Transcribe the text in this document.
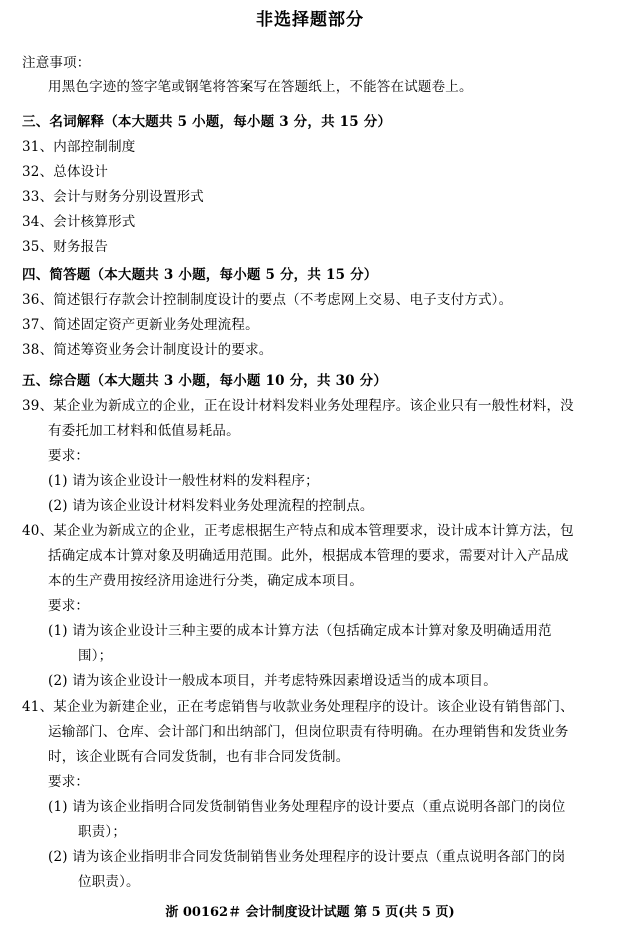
非选择题部分
注意事项：
用黑色字迹的签字笔或钢笔将答案写在答题纸上，不能答在试题卷上。
三、名词解释（本大题共 5 小题，每小题 3 分，共 15 分）
31、内部控制制度
32、总体设计
33、会计与财务分别设置形式
34、会计核算形式
35、财务报告
四、简答题（本大题共 3 小题，每小题 5 分，共 15 分）
36、简述银行存款会计控制制度设计的要点（不考虑网上交易、电子支付方式）。
37、简述固定资产更新业务处理流程。
38、简述筹资业务会计制度设计的要求。
五、综合题（本大题共 3 小题，每小题 10 分，共 30 分）
39、某企业为新成立的企业，正在设计材料发料业务处理程序。该企业只有一般性材料，没
有委托加工材料和低值易耗品。
要求：
(1) 请为该企业设计一般性材料的发料程序；
(2) 请为该企业设计材料发料业务处理流程的控制点。
40、某企业为新成立的企业，正考虑根据生产特点和成本管理要求，设计成本计算方法，包
括确定成本计算对象及明确适用范围。此外，根据成本管理的要求，需要对计入产品成
本的生产费用按经济用途进行分类，确定成本项目。
要求：
(1) 请为该企业设计三种主要的成本计算方法（包括确定成本计算对象及明确适用范
围）；
(2) 请为该企业设计一般成本项目，并考虑特殊因素增设适当的成本项目。
41、某企业为新建企业，正在考虑销售与收款业务处理程序的设计。该企业设有销售部门、
运输部门、仓库、会计部门和出纳部门，但岗位职责有待明确。在办理销售和发货业务
时，该企业既有合同发货制，也有非合同发货制。
要求：
(1) 请为该企业指明合同发货制销售业务处理程序的设计要点（重点说明各部门的岗位
职责）；
(2) 请为该企业指明非合同发货制销售业务处理程序的设计要点（重点说明各部门的岗
位职责）。
浙 00162＃ 会计制度设计试题 第 5 页(共 5 页)
